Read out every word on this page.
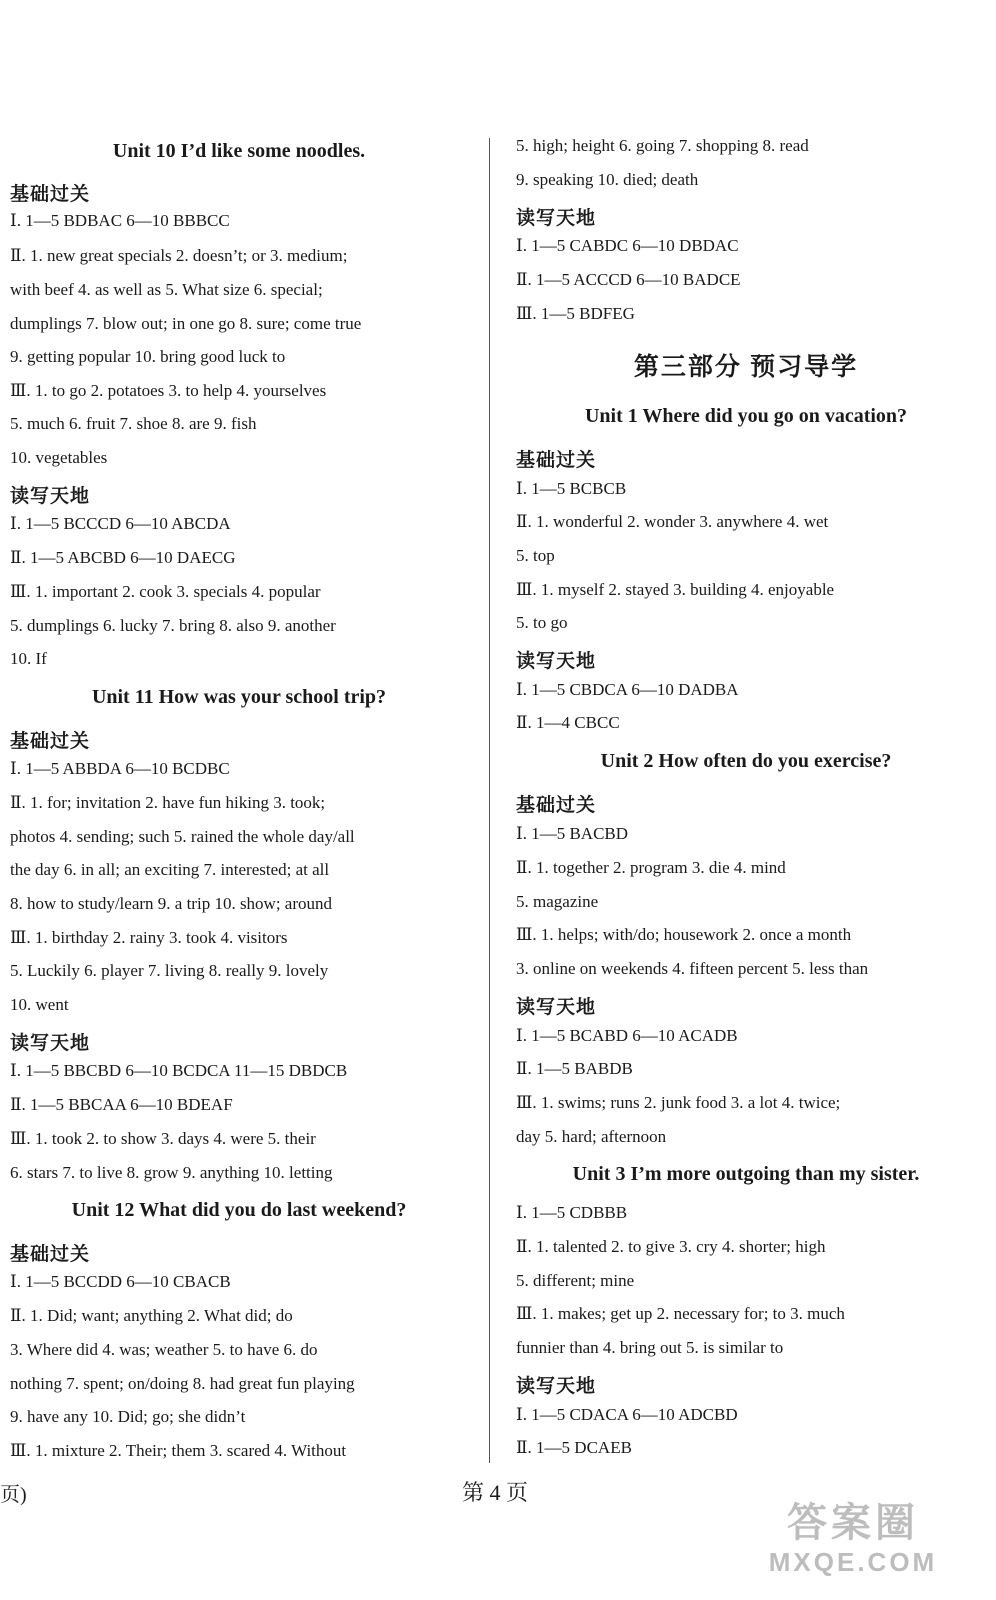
Unit 10 I’d like some noodles.
基础过关
Ⅰ. 1—5 BDBAC 6—10 BBBCC
Ⅱ. 1. new great specials 2. doesn’t; or 3. medium;
with beef 4. as well as 5. What size 6. special;
dumplings 7. blow out; in one go 8. sure; come true
9. getting popular 10. bring good luck to
Ⅲ. 1. to go 2. potatoes 3. to help 4. yourselves
5. much 6. fruit 7. shoe 8. are 9. fish
10. vegetables
读写天地
Ⅰ. 1—5 BCCCD 6—10 ABCDA
Ⅱ. 1—5 ABCBD 6—10 DAECG
Ⅲ. 1. important 2. cook 3. specials 4. popular
5. dumplings 6. lucky 7. bring 8. also 9. another
10. If
Unit 11 How was your school trip?
基础过关
Ⅰ. 1—5 ABBDA 6—10 BCDBC
Ⅱ. 1. for; invitation 2. have fun hiking 3. took;
photos 4. sending; such 5. rained the whole day/all
the day 6. in all; an exciting 7. interested; at all
8. how to study/learn 9. a trip 10. show; around
Ⅲ. 1. birthday 2. rainy 3. took 4. visitors
5. Luckily 6. player 7. living 8. really 9. lovely
10. went
读写天地
Ⅰ. 1—5 BBCBD 6—10 BCDCA 11—15 DBDCB
Ⅱ. 1—5 BBCAA 6—10 BDEAF
Ⅲ. 1. took 2. to show 3. days 4. were 5. their
6. stars 7. to live 8. grow 9. anything 10. letting
Unit 12 What did you do last weekend?
基础过关
Ⅰ. 1—5 BCCDD 6—10 CBACB
Ⅱ. 1. Did; want; anything 2. What did; do
3. Where did 4. was; weather 5. to have 6. do
nothing 7. spent; on/doing 8. had great fun playing
9. have any 10. Did; go; she didn’t
Ⅲ. 1. mixture 2. Their; them 3. scared 4. Without
5. high; height 6. going 7. shopping 8. read
9. speaking 10. died; death
读写天地
Ⅰ. 1—5 CABDC 6—10 DBDAC
Ⅱ. 1—5 ACCCD 6—10 BADCE
Ⅲ. 1—5 BDFEG
第三部分 预习导学
Unit 1 Where did you go on vacation?
基础过关
Ⅰ. 1—5 BCBCB
Ⅱ. 1. wonderful 2. wonder 3. anywhere 4. wet
5. top
Ⅲ. 1. myself 2. stayed 3. building 4. enjoyable
5. to go
读写天地
Ⅰ. 1—5 CBDCA 6—10 DADBA
Ⅱ. 1—4 CBCC
Unit 2 How often do you exercise?
基础过关
Ⅰ. 1—5 BACBD
Ⅱ. 1. together 2. program 3. die 4. mind
5. magazine
Ⅲ. 1. helps; with/do; housework 2. once a month
3. online on weekends 4. fifteen percent 5. less than
读写天地
Ⅰ. 1—5 BCABD 6—10 ACADB
Ⅱ. 1—5 BABDB
Ⅲ. 1. swims; runs 2. junk food 3. a lot 4. twice;
day 5. hard; afternoon
Unit 3 I’m more outgoing than my sister.
Ⅰ. 1—5 CDBBB
Ⅱ. 1. talented 2. to give 3. cry 4. shorter; high
5. different; mine
Ⅲ. 1. makes; get up 2. necessary for; to 3. much
funnier than 4. bring out 5. is similar to
读写天地
Ⅰ. 1—5 CDACA 6—10 ADCBD
Ⅱ. 1—5 DCAEB
页)	第 4 页
答案圈
MXQE.COM
